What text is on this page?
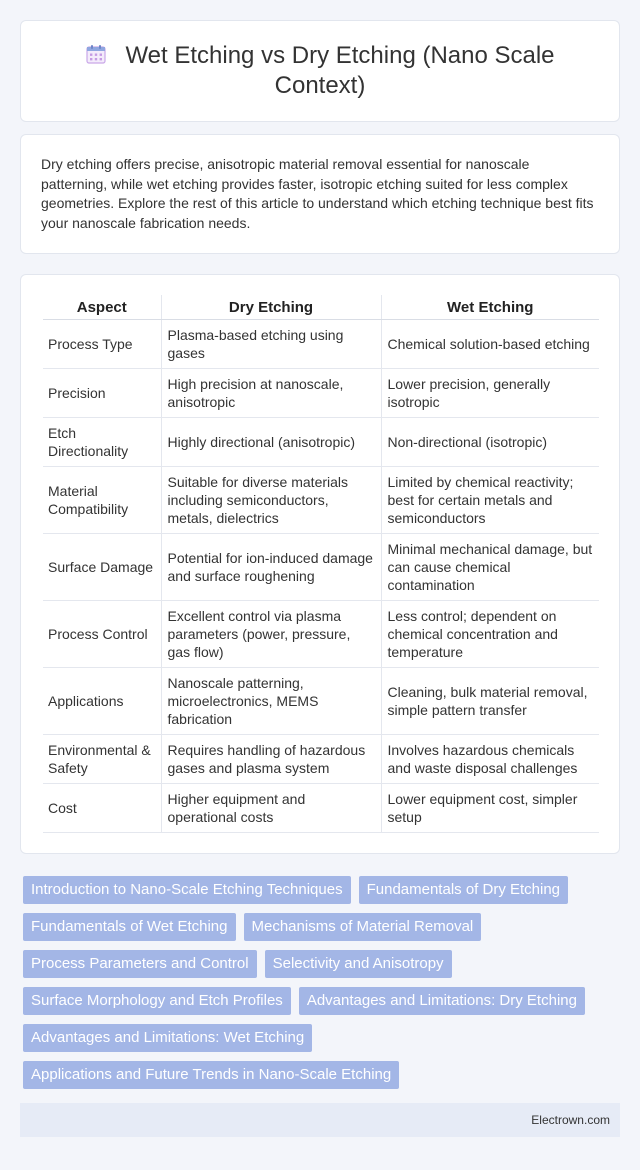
Wet Etching vs Dry Etching (Nano Scale Context)

Dry etching offers precise, anisotropic material removal essential for nanoscale patterning, while wet etching provides faster, isotropic etching suited for less complex geometries. Explore the rest of this article to understand which etching technique best fits your nanoscale fabrication needs.

Aspect	Dry Etching	Wet Etching
Process Type	Plasma-based etching using gases	Chemical solution-based etching
Precision	High precision at nanoscale, anisotropic	Lower precision, generally isotropic
Etch Directionality	Highly directional (anisotropic)	Non-directional (isotropic)
Material Compatibility	Suitable for diverse materials including semiconductors, metals, dielectrics	Limited by chemical reactivity; best for certain metals and semiconductors
Surface Damage	Potential for ion-induced damage and surface roughening	Minimal mechanical damage, but can cause chemical contamination
Process Control	Excellent control via plasma parameters (power, pressure, gas flow)	Less control; dependent on chemical concentration and temperature
Applications	Nanoscale patterning, microelectronics, MEMS fabrication	Cleaning, bulk material removal, simple pattern transfer
Environmental & Safety	Requires handling of hazardous gases and plasma system	Involves hazardous chemicals and waste disposal challenges
Cost	Higher equipment and operational costs	Lower equipment cost, simpler setup
Introduction to Nano-Scale Etching Techniques	Fundamentals of Dry Etching
Fundamentals of Wet Etching	Mechanisms of Material Removal
Process Parameters and Control	Selectivity and Anisotropy
Surface Morphology and Etch Profiles	Advantages and Limitations: Dry Etching
Advantages and Limitations: Wet Etching
Applications and Future Trends in Nano-Scale Etching
Electrown.com
